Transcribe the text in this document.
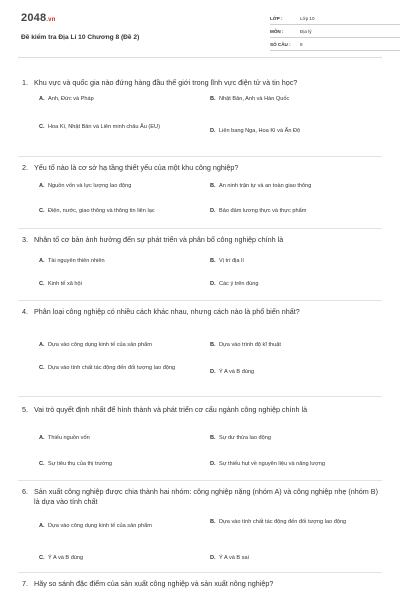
2048.vn
Đề kiểm tra Địa Lí 10 Chương 8 (Đề 2)
LỚP :	Lớp 10
MÔN :	Địa lý
SỐ CÂU :	8
1. Khu vực và quốc gia nào đứng hàng đầu thế giới trong lĩnh vực điện tử và tin học?
A. Anh, Đức và Pháp	B. Nhật Bản, Anh và Hàn Quốc
C. Hoa Kì, Nhật Bản và Liên minh châu Âu (EU)
D. Liên bang Nga, Hoa Kì và Ấn Độ
2. Yếu tố nào là cơ sở hạ tầng thiết yếu của một khu công nghiệp?
A. Nguồn vốn và lực lượng lao động	B. An ninh trận tự và an toàn giao thông
C. Điện, nước, giao thông và thông tin liên lạc	D. Bảo đảm lương thực và thực phẩm
3. Nhân tố cơ bản ảnh hưởng đến sự phát triển và phân bố công nghiệp chính là
A. Tài nguyên thiên nhiên	B. Vị trí địa lí
C. Kinh tế xã hội	D. Các ý trên đúng
4. Phân loại công nghiệp có nhiều cách khác nhau, nhưng cách nào là phổ biến nhất?
A. Dựa vào công dụng kinh tế của sản phẩm	B. Dựa vào trình độ kĩ thuật
C. Dựa vào tính chất tác động đến đối tượng lao động
D. Ý A và B đúng
5. Vai trò quyết định nhất để hình thành và phát triển cơ cấu ngành công nghiệp chính là
A. Thiếu nguồn vốn	B. Sự dư thừa lao động
C. Sự tiêu thụ của thị trường	D. Sự thiếu hụt về nguyên liệu và năng lượng
6. Sản xuất công nghiệp được chia thành hai nhóm: công nghiệp nặng (nhóm A) và công nghiệp nhẹ (nhóm B) là dựa vào tính chất
A. Dựa vào công dụng kinh tế của sản phẩm
B. Dựa vào tính chất tác động đến đối tượng lao động
C. Ý A và B đúng	D. Ý A và B sai
7. Hãy so sánh đặc điểm của sản xuất công nghiệp và sản xuất nông nghiệp?
